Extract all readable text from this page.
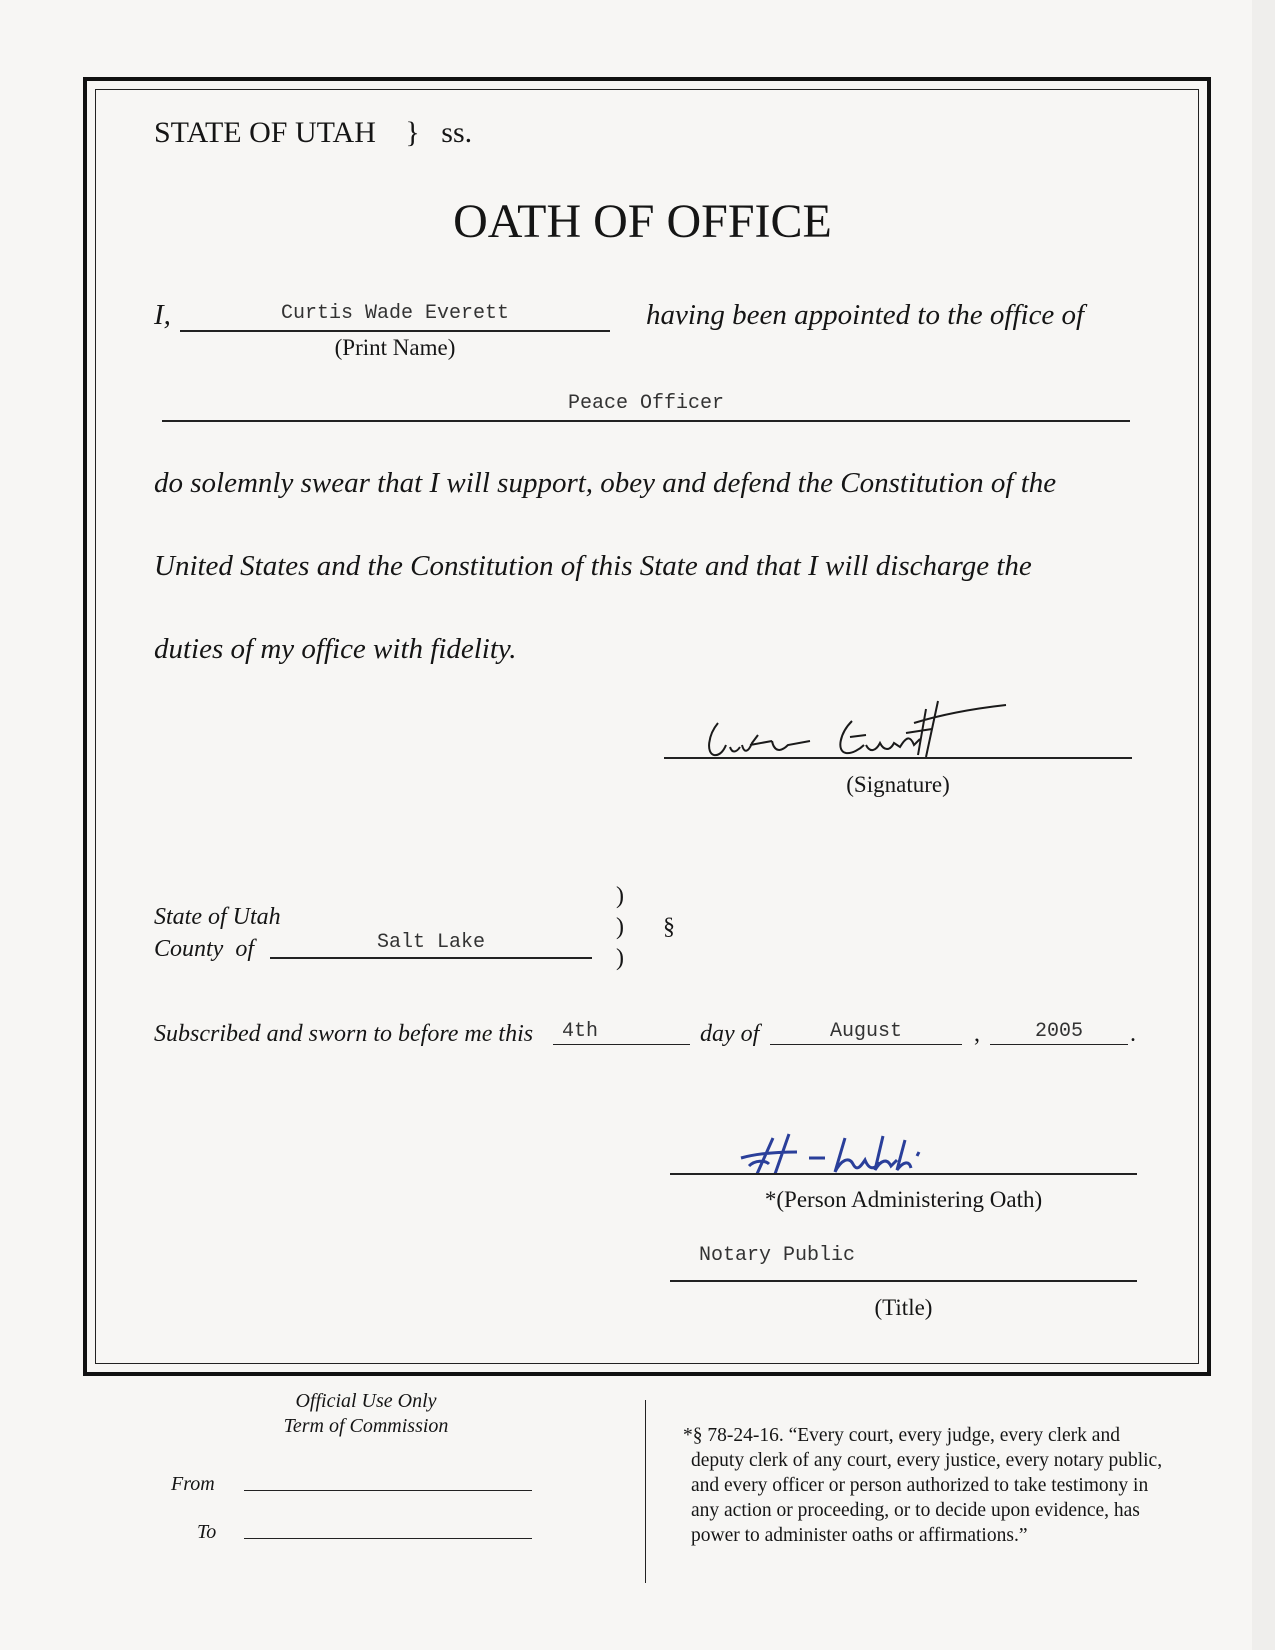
STATE OF UTAH } ss.
OATH OF OFFICE
I,	Curtis Wade Everett
(Print Name)
having been appointed to the office of
Peace Officer
do solemnly swear that I will support, obey and defend the Constitution of the
United States and the Constitution of this State and that I will discharge the
duties of my office with fidelity.
(Signature)
State of Utah
County  of	Salt Lake
)
)
)
§
Subscribed and sworn to before me this 4th	day of	August	,	2005	.
*(Person Administering Oath)
Notary Public
(Title)
Official Use Only
Term of Commission
From
To
*§ 78-24-16. “Every court, every judge, every clerk and
deputy clerk of any court, every justice, every notary public,
and every officer or person authorized to take testimony in
any action or proceeding, or to decide upon evidence, has
power to administer oaths or affirmations.”
